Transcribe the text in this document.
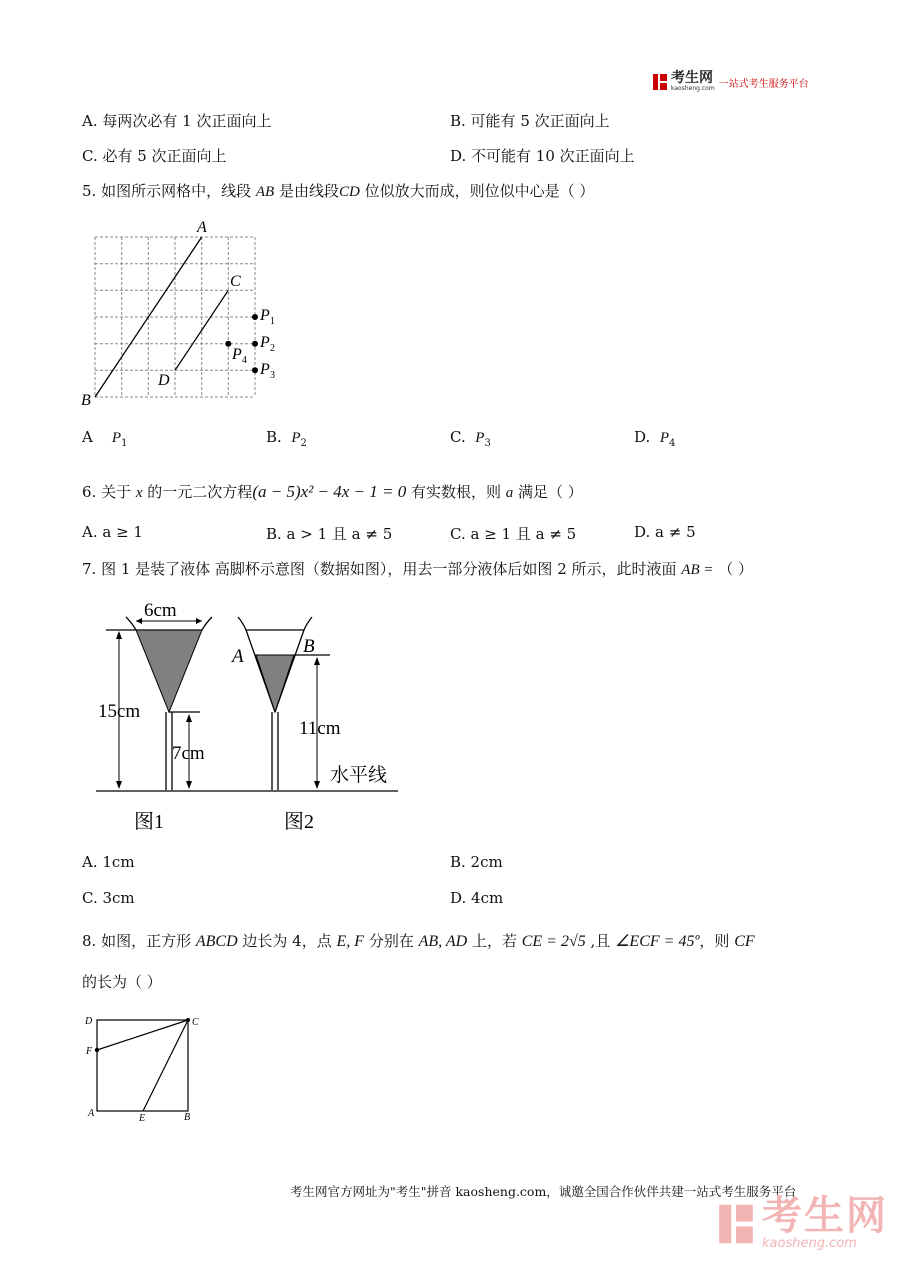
考生网
kaosheng.com 一站式考生服务平台
A. 每两次必有 1 次正面向上	B. 可能有 5 次正面向上
C. 必有 5 次正面向上	D. 不可能有 10 次正面向上
5. 如图所示网格中，线段 AB 是由线段CD 位似放大而成，则位似中心是（ ）
A
B
C
D
P 1
P 2
P 3
P 4
A $P_1$	B. $P_2$	C. $P_3$	D. $P_4$
6. 关于 x 的一元二次方程(a − 5)x² − 4x − 1 = 0 有实数根，则 a 满足（ ）
A. a ≥ 1	B. a > 1 且 a ≠ 5	C. a ≥ 1 且 a ≠ 5	D. a ≠ 5
7. 图 1 是装了液体 高脚杯示意图（数据如图），用去一部分液体后如图 2 所示，此时液面 AB = （ ）
6cm
15cm
7cm
水平线
A	B
11cm
图1	图2
A. 1cm	B. 2cm
C. 3cm	D. 4cm
8. 如图，正方形 ABCD 边长为 4，点 E, F 分别在 AB, AD 上，若 CE = 2√5 ,且 ∠ECF = 45º，则 CF
的长为（ ）
D	C
F
A	E	B
考生网官方网址为"考生"拼音 kaosheng.com，诚邀全国合作伙伴共建一站式考生服务平台
考生网
kaosheng.com
